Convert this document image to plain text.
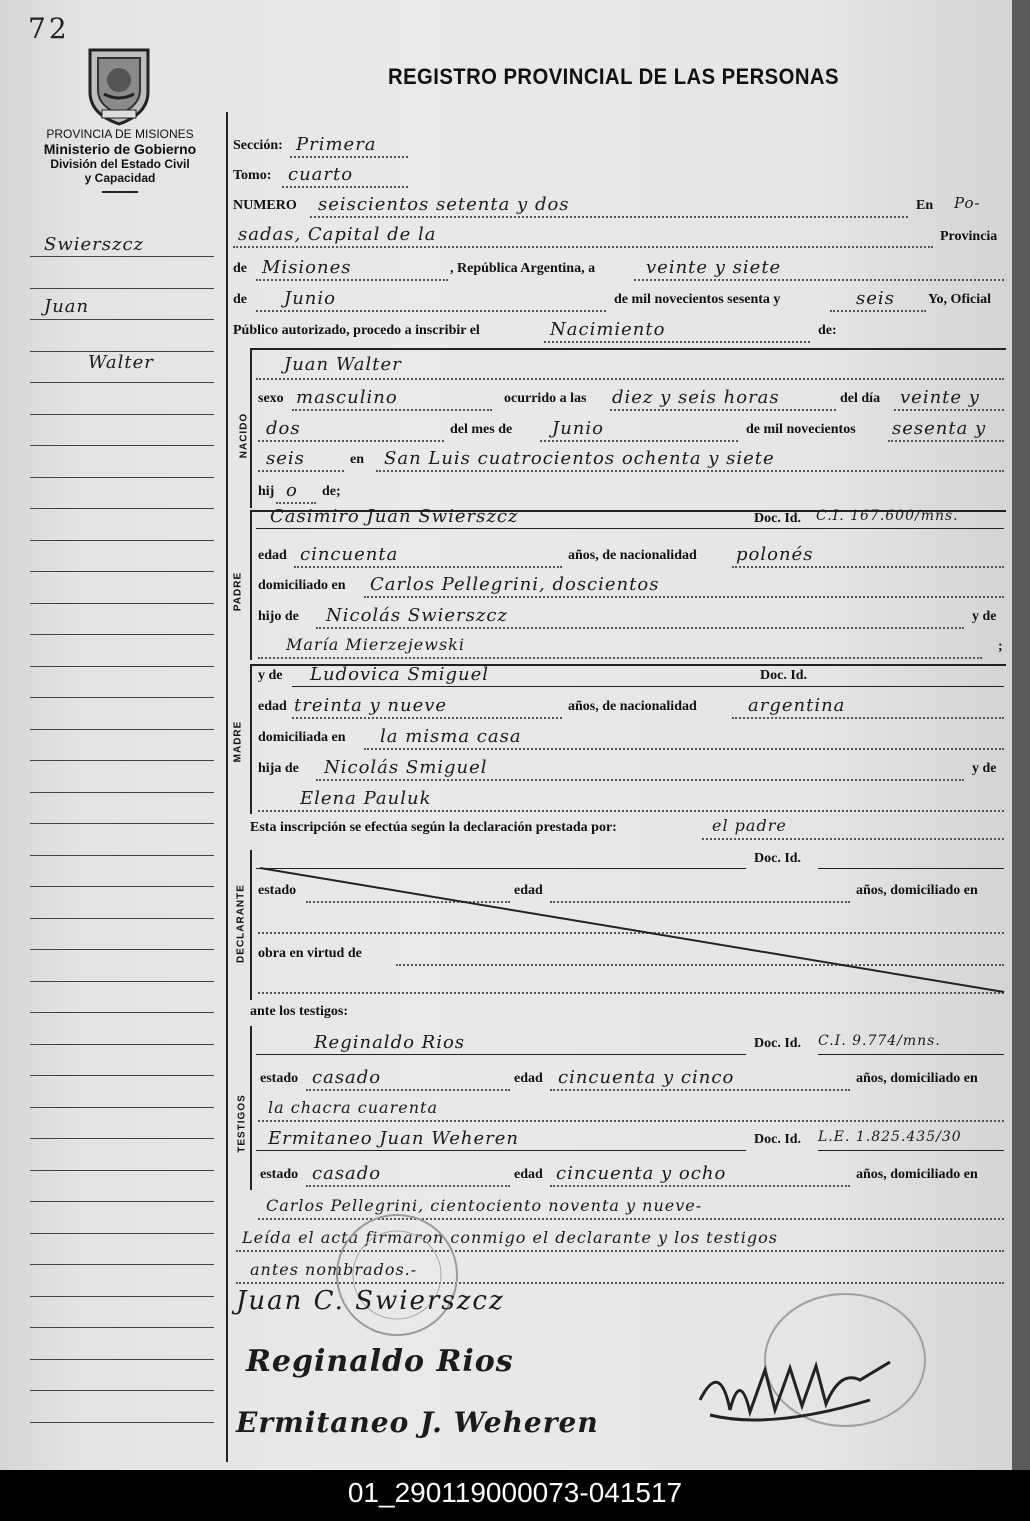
72
PROVINCIA DE MISIONES
Ministerio de Gobierno
División del Estado Civil
y Capacidad
REGISTRO PROVINCIAL DE LAS PERSONAS
Swierszcz
Juan
Walter
Sección: Primera
Tomo: cuarto
NUMERO seiscientos setenta y dos	En Po-
sadas, Capital de la	Provincia
de Misiones	, República Argentina, a	veinte y siete
de Junio	de mil novecientos sesenta y	seis Yo, Oficial
Público autorizado, procedo a inscribir el	Nacimiento	de:
NACIDO
Juan Walter
sexo masculino	ocurrido a las diez y seis horas	del día veinte y
dos	del mes de Junio	de mil novecientos sesenta y
seis	en San Luis cuatrocientos ochenta y siete
hij o de;
PADRE
Casimiro Juan Swierszcz	Doc. Id. C.I. 167.600/mns.
edad cincuenta	años, de nacionalidad polonés
domiciliado en Carlos Pellegrini, doscientos
hijo de Nicolás Swierszcz	y de
María Mierzejewski	;
MADRE
y de Ludovica Smiguel	Doc. Id.
edad treinta y nueve	años, de nacionalidad	argentina
domiciliada en la misma casa
hija de Nicolás Smiguel	y de
Elena Pauluk
Esta inscripción se efectúa según la declaración prestada por:	el padre
DECLARANTE
Doc. Id.
estado	edad	años, domiciliado en
obra en virtud de
ante los testigos:
TESTIGOS
Reginaldo Rios	Doc. Id. C.I. 9.774/mns.
estado casado	edad cincuenta y cinco	años, domiciliado en
la chacra cuarenta
Ermitaneo Juan Weheren	Doc. Id. L.E. 1.825.435/30
estado casado	edad cincuenta y ocho	años, domiciliado en
Carlos Pellegrini, cientociento noventa y nueve-
Leída el acta firmaron conmigo el declarante y los testigos
antes nombrados.-
Juan C. Swierszcz
Reginaldo Rios
Ermitaneo J. Weheren
01_290119000073-041517
